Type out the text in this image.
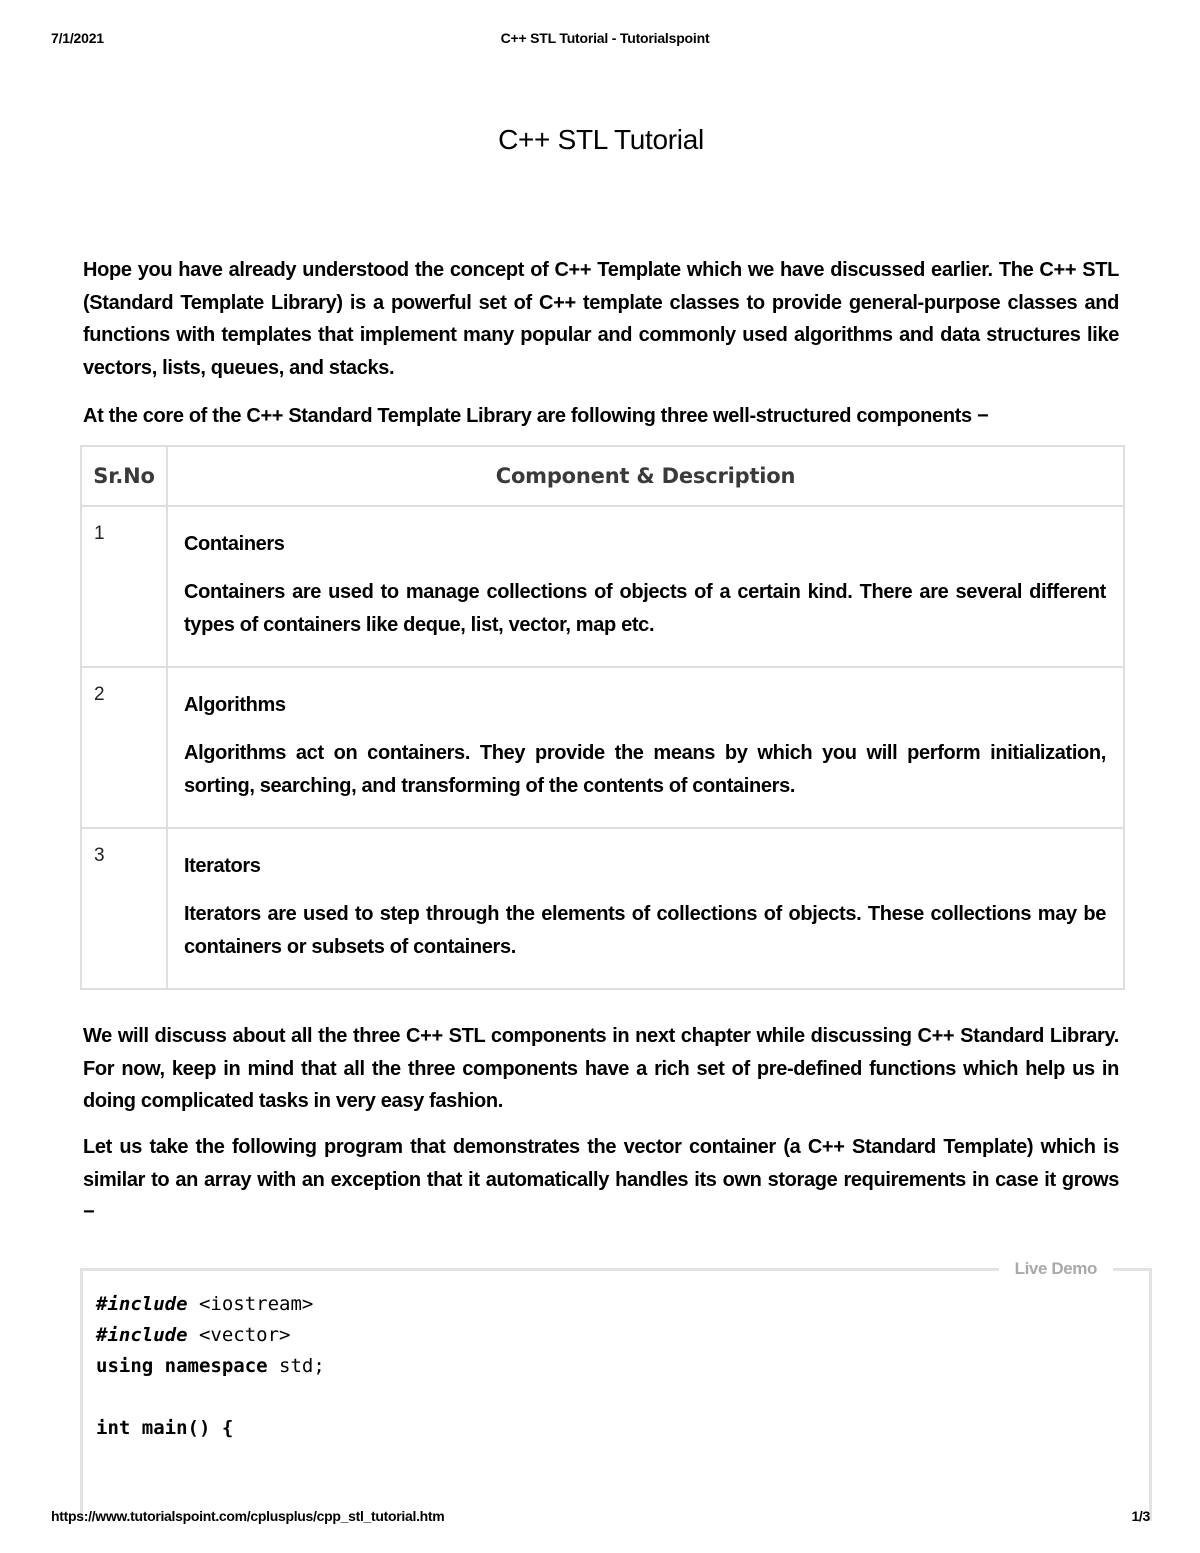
7/1/2021	C++ STL Tutorial - Tutorialspoint
C++ STL Tutorial

Hope you have already understood the concept of C++ Template which we have discussed earlier. The C++ STL (Standard Template Library) is a powerful set of C++ template classes to provide general-purpose classes and functions with templates that implement many popular and commonly used algorithms and data structures like vectors, lists, queues, and stacks.

At the core of the C++ Standard Template Library are following three well-structured components −

Sr.No	Component & Description
1	Containers
Containers are used to manage collections of objects of a certain kind. There are several different types of containers like deque, list, vector, map etc.

2	Algorithms
Algorithms act on containers. They provide the means by which you will perform initialization, sorting, searching, and transforming of the contents of containers.

3	Iterators
Iterators are used to step through the elements of collections of objects. These collections may be containers or subsets of containers.

We will discuss about all the three C++ STL components in next chapter while discussing C++ Standard Library. For now, keep in mind that all the three components have a rich set of pre-defined functions which help us in doing complicated tasks in very easy fashion.

Let us take the following program that demonstrates the vector container (a C++ Standard Template) which is similar to an array with an exception that it automatically handles its own storage requirements in case it grows −

Live Demo
#include <iostream>
#include <vector>
using namespace std;
int main() {
https://www.tutorialspoint.com/cplusplus/cpp_stl_tutorial.htm	1/3
